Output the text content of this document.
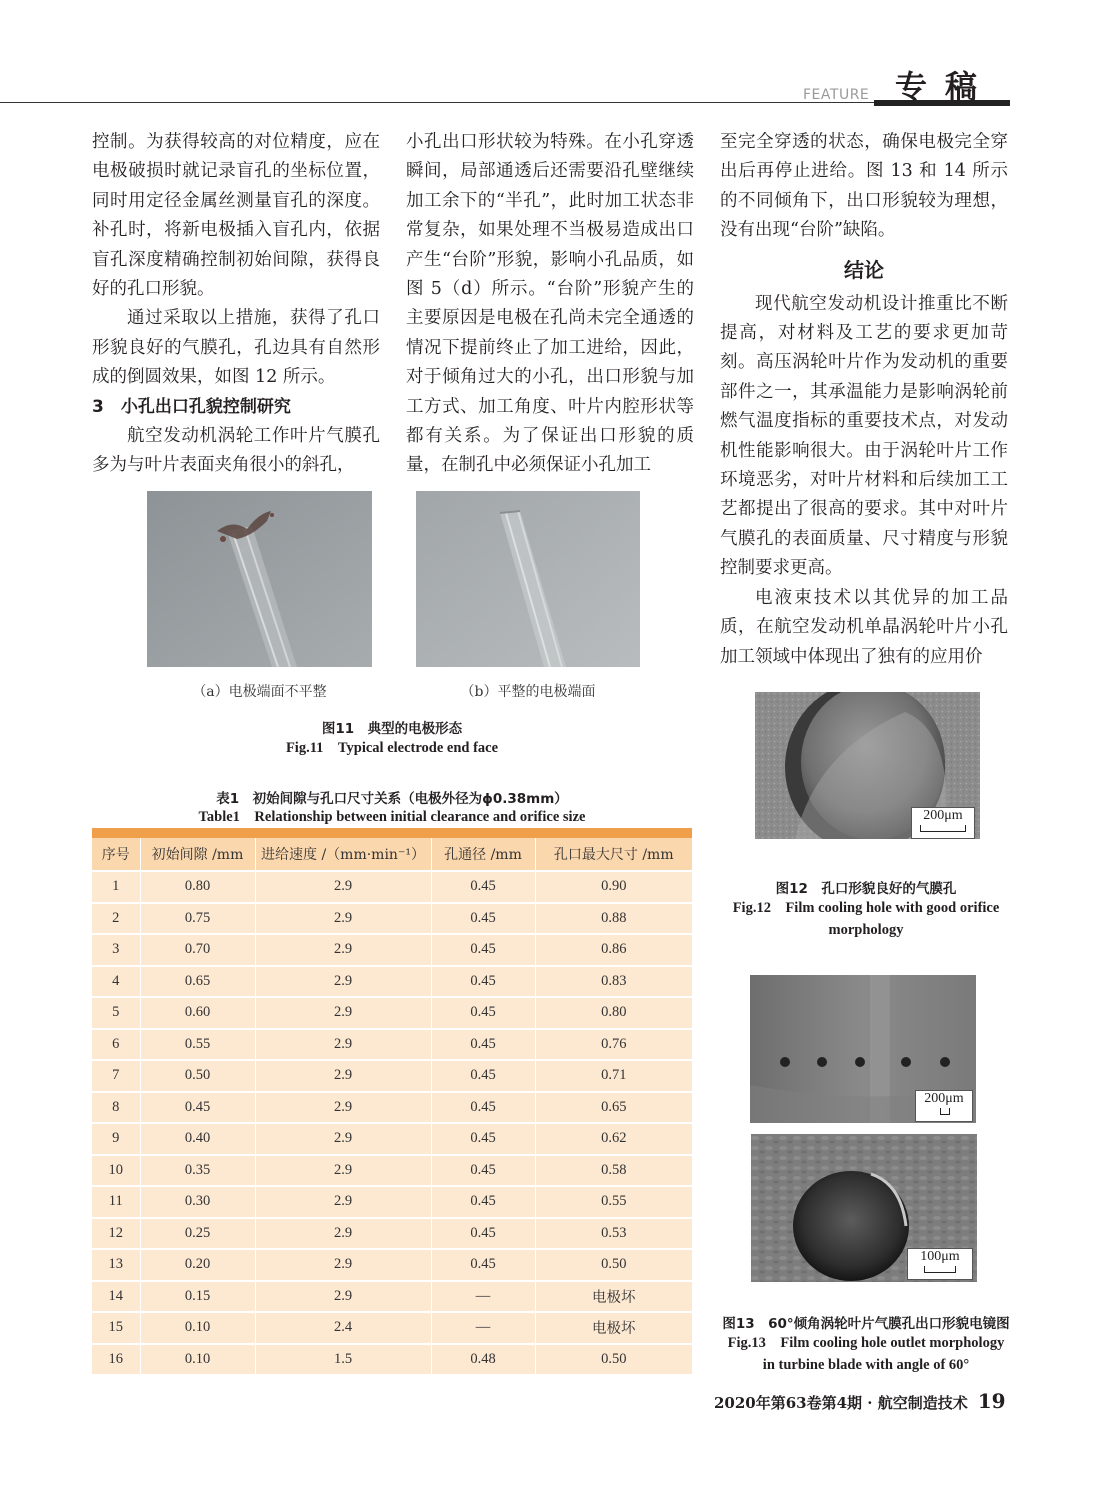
FEATURE 专稿

控制。为获得较高的对位精度，应在电极破损时就记录盲孔的坐标位置，同时用定径金属丝测量盲孔的深度。补孔时，将新电极插入盲孔内，依据盲孔深度精确控制初始间隙，获得良好的孔口形貌。

通过采取以上措施，获得了孔口形貌良好的气膜孔，孔边具有自然形成的倒圆效果，如图 12 所示。

3　小孔出口孔貌控制研究

航空发动机涡轮工作叶片气膜孔多为与叶片表面夹角很小的斜孔，

小孔出口形状较为特殊。在小孔穿透瞬间，局部通透后还需要沿孔壁继续加工余下的“半孔”，此时加工状态非常复杂，如果处理不当极易造成出口产生“台阶”形貌，影响小孔品质，如图 5（d）所示。“台阶”形貌产生的主要原因是电极在孔尚未完全通透的情况下提前终止了加工进给，因此，对于倾角过大的小孔，出口形貌与加工方式、加工角度、叶片内腔形状等都有关系。为了保证出口形貌的质量，在制孔中必须保证小孔加工

至完全穿透的状态，确保电极完全穿出后再停止进给。图 13 和 14 所示的不同倾角下，出口形貌较为理想，没有出现“台阶”缺陷。

结论

现代航空发动机设计推重比不断提高，对材料及工艺的要求更加苛刻。高压涡轮叶片作为发动机的重要部件之一，其承温能力是影响涡轮前燃气温度指标的重要技术点，对发动机性能影响很大。由于涡轮叶片工作环境恶劣，对叶片材料和后续加工工艺都提出了很高的要求。其中对叶片气膜孔的表面质量、尺寸精度与形貌控制要求更高。

电液束技术以其优异的加工品质，在航空发动机单晶涡轮叶片小孔加工领域中体现出了独有的应用价

（a）电极端面不平整	（b）平整的电极端面
图11　典型的电极形态
Fig.11　Typical electrode end face
表1　初始间隙与孔口尺寸关系（电极外径为ϕ0.38mm）
Table1　Relationship between initial clearance and orifice size
序号	初始间隙 /mm	进给速度 /（mm·min⁻¹）	孔通径 /mm	孔口最大尺寸 /mm
1	0.80	2.9	0.45	0.90
2	0.75	2.9	0.45	0.88
3	0.70	2.9	0.45	0.86
4	0.65	2.9	0.45	0.83
5	0.60	2.9	0.45	0.80
6	0.55	2.9	0.45	0.76
7	0.50	2.9	0.45	0.71
8	0.45	2.9	0.45	0.65
9	0.40	2.9	0.45	0.62
10	0.35	2.9	0.45	0.58
11	0.30	2.9	0.45	0.55
12	0.25	2.9	0.45	0.53
13	0.20	2.9	0.45	0.50
14	0.15	2.9	—	电极坏
15	0.10	2.4	—	电极坏
16	0.10	1.5	0.48	0.50
200μm
图12　孔口形貌良好的气膜孔
Fig.12　Film cooling hole with good orifice
morphology
200μm
100μm
图13　60°倾角涡轮叶片气膜孔出口形貌电镜图
Fig.13　Film cooling hole outlet morphology
in turbine blade with angle of 60°
2020年第63卷第4期 · 航空制造技术 19
